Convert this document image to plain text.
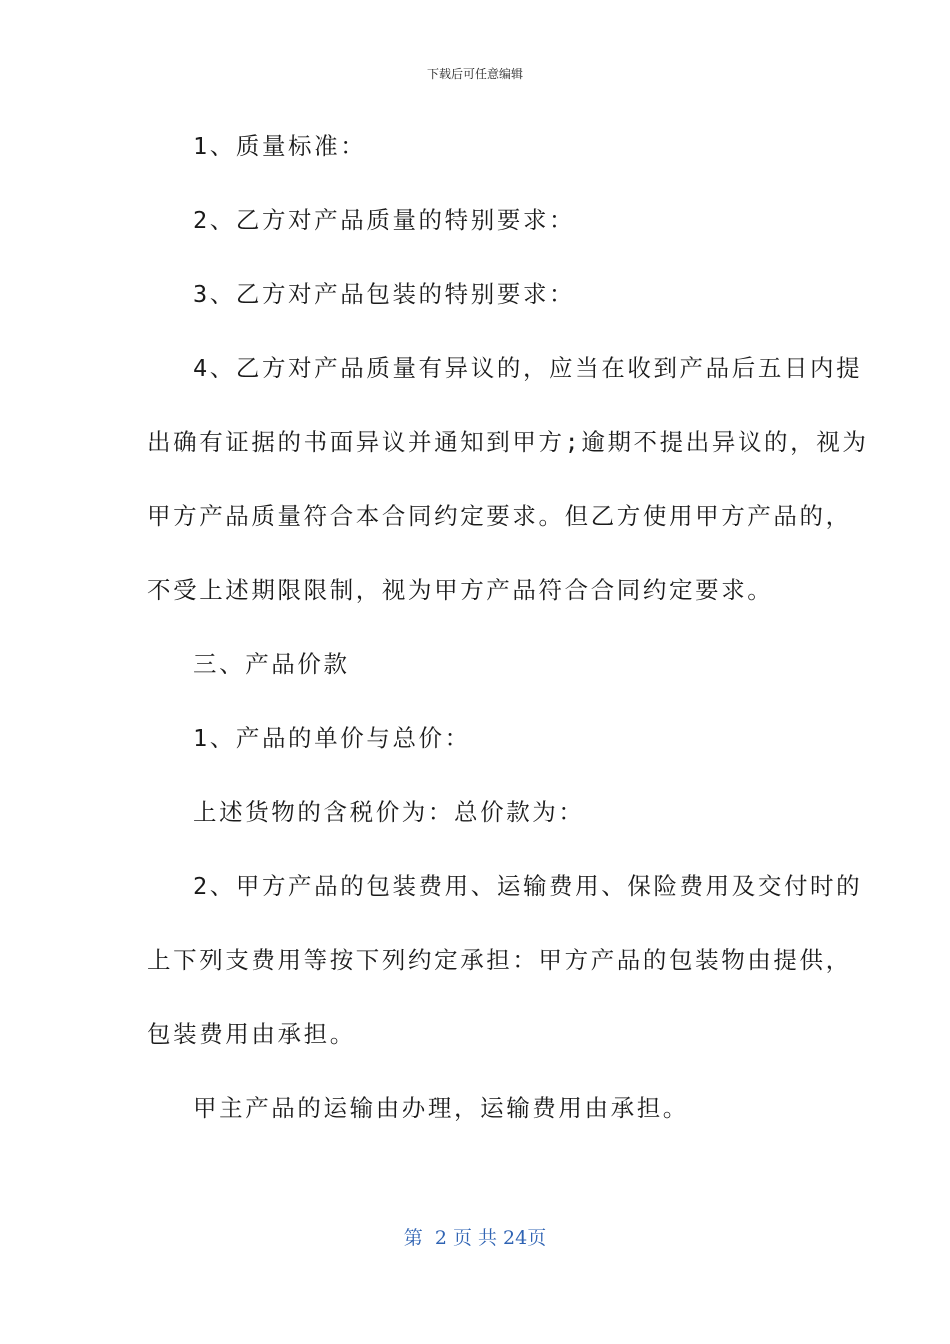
下载后可任意编辑
1、质量标准：
2、乙方对产品质量的特别要求：
3、乙方对产品包装的特别要求：
4、乙方对产品质量有异议的，应当在收到产品后五日内提
出确有证据的书面异议并通知到甲方;逾期不提出异议的，视为
甲方产品质量符合本合同约定要求。但乙方使用甲方产品的，
不受上述期限限制，视为甲方产品符合合同约定要求。
三、产品价款
1、产品的单价与总价：
上述货物的含税价为：总价款为：
2、甲方产品的包装费用、运输费用、保险费用及交付时的
上下列支费用等按下列约定承担：甲方产品的包装物由提供，
包装费用由承担。
甲主产品的运输由办理，运输费用由承担。
第  2 页 共 24页
